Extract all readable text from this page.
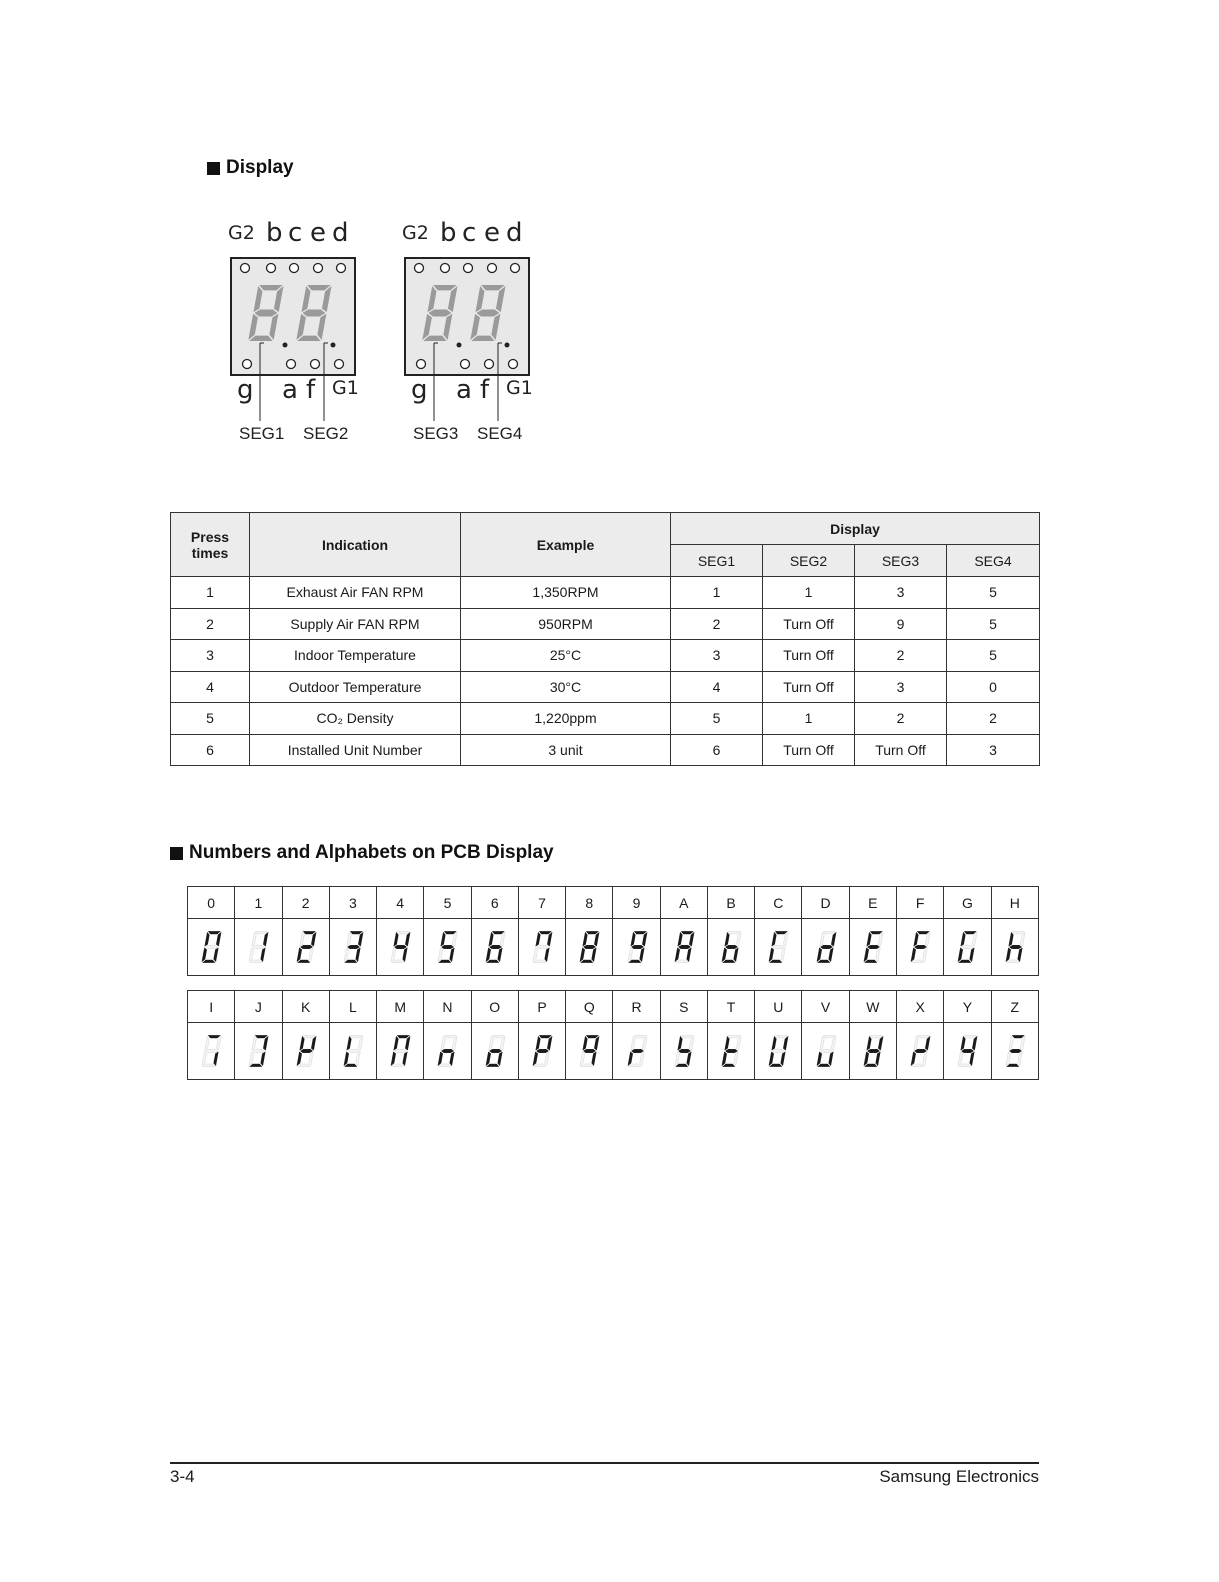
Display
G2 b c e d
g a f G1
SEG1 SEG2
G2 b c e d
g a f G1
SEG3 SEG4
Press times	Indication	Example	Display			
			SEG1	SEG2	SEG3	SEG4
1	Exhaust Air FAN RPM	1,350RPM	1	1	3	5
2	Supply Air FAN RPM	950RPM	2	Turn Off	9	5
3	Indoor Temperature	25°C	3	Turn Off	2	5
4	Outdoor Temperature	30°C	4	Turn Off	3	0
5	CO₂ Density	1,220ppm	5	1	2	2
6	Installed Unit Number	3 unit	6	Turn Off	Turn Off	3
Numbers and Alphabets on PCB Display
0	1	2	3	4	5	6	7	8	9	A	B	C	D	E	F	G	H

I	J	K	L	M	N	O	P	Q	R	S	T	U	V	W	X	Y	Z

3-4	Samsung Electronics
